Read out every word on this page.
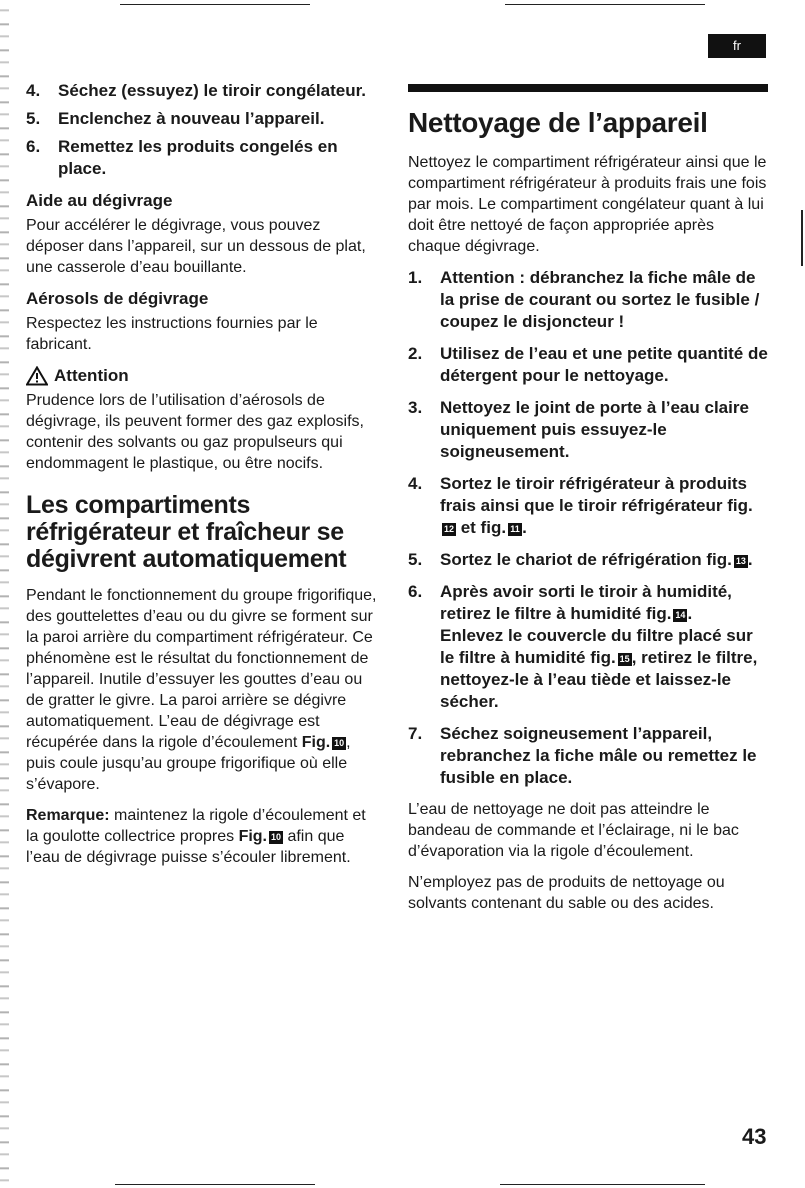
fr
4.	Séchez (essuyez) le tiroir congélateur.
5.	Enclenchez à nouveau l’appareil.
6.	Remettez les produits congelés en place.
Aide au dégivrage

Pour accélérer le dégivrage, vous pouvez déposer dans l’appareil, sur un dessous de plat, une casserole d’eau bouillante.

Aérosols de dégivrage

Respectez les instructions fournies par le fabricant.

Attention

Prudence lors de l’utilisation d’aérosols de dégivrage, ils peuvent former des gaz explosifs, contenir des solvants ou gaz propulseurs qui endommagent le plastique, ou être nocifs.

Les compartiments réfrigérateur et fraîcheur se dégivrent automatiquement

Pendant le fonctionnement du groupe frigorifique, des gouttelettes d’eau ou du givre se forment sur la paroi arrière du compartiment réfrigérateur. Ce phénomène est le résultat du fonctionnement de l’appareil. Inutile d’essuyer les gouttes d’eau ou de gratter le givre. La paroi arrière se dégivre automatiquement. L’eau de dégivrage est récupérée dans la rigole d’écoulement Fig. 10 , puis coule jusqu’au groupe frigorifique où elle s’évapore.

Remarque: maintenez la rigole d’écoulement et la goulotte collectrice propres Fig. 10 afin que l’eau de dégivrage puisse s’écouler librement.

Nettoyage de l’appareil

Nettoyez le compartiment réfrigérateur ainsi que le compartiment réfrigérateur à produits frais une fois par mois. Le compartiment congélateur quant à lui doit être nettoyé de façon appropriée après chaque dégivrage.

1.	Attention : débranchez la fiche mâle de la prise de courant ou sortez le fusible / coupez le disjoncteur !
2.	Utilisez de l’eau et une petite quantité de détergent pour le nettoyage.
3.	Nettoyez le joint de porte à l’eau claire uniquement puis essuyez-le soigneusement.
4.	Sortez le tiroir réfrigérateur à produits frais ainsi que le tiroir réfrigérateur fig.12 et fig. 11 .
5.	Sortez le chariot de réfrigération fig. 13 .
6.	Après avoir sorti le tiroir à humidité, retirez le filtre à humidité fig. 14 .
Enlevez le couvercle du filtre placé sur le filtre à humidité fig. 15 , retirez le filtre, nettoyez-le à l’eau tiède et laissez-le sécher.
7.	Séchez soigneusement l’appareil, rebranchez la fiche mâle ou remettez le fusible en place.

L’eau de nettoyage ne doit pas atteindre le bandeau de commande et l’éclairage, ni le bac d’évaporation via la rigole d’écoulement.

N’employez pas de produits de nettoyage ou solvants contenant du sable ou des acides.

43
